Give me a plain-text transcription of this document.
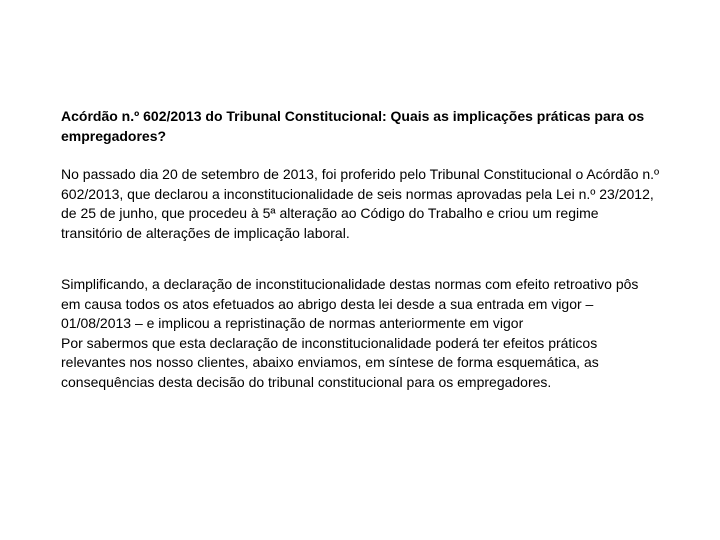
Acórdão n.º 602/2013 do Tribunal Constitucional: Quais as implicações práticas para os empregadores?

No passado dia 20 de setembro de 2013, foi proferido pelo Tribunal Constitucional o Acórdão n.º 602/2013, que declarou a inconstitucionalidade de seis normas aprovadas pela Lei n.º 23/2012, de 25 de junho, que procedeu à 5ª alteração ao Código do Trabalho e criou um regime transitório de alterações de implicação laboral.

Simplificando, a declaração de inconstitucionalidade destas normas com efeito retroativo pôs em causa todos os atos efetuados ao abrigo desta lei desde a sua entrada em vigor – 01/08/2013 – e implicou a repristinação de normas anteriormente em vigor

Por sabermos que esta declaração de inconstitucionalidade poderá ter efeitos práticos relevantes nos nosso clientes, abaixo enviamos, em síntese de forma esquemática, as consequências desta decisão do tribunal constitucional para os empregadores.
